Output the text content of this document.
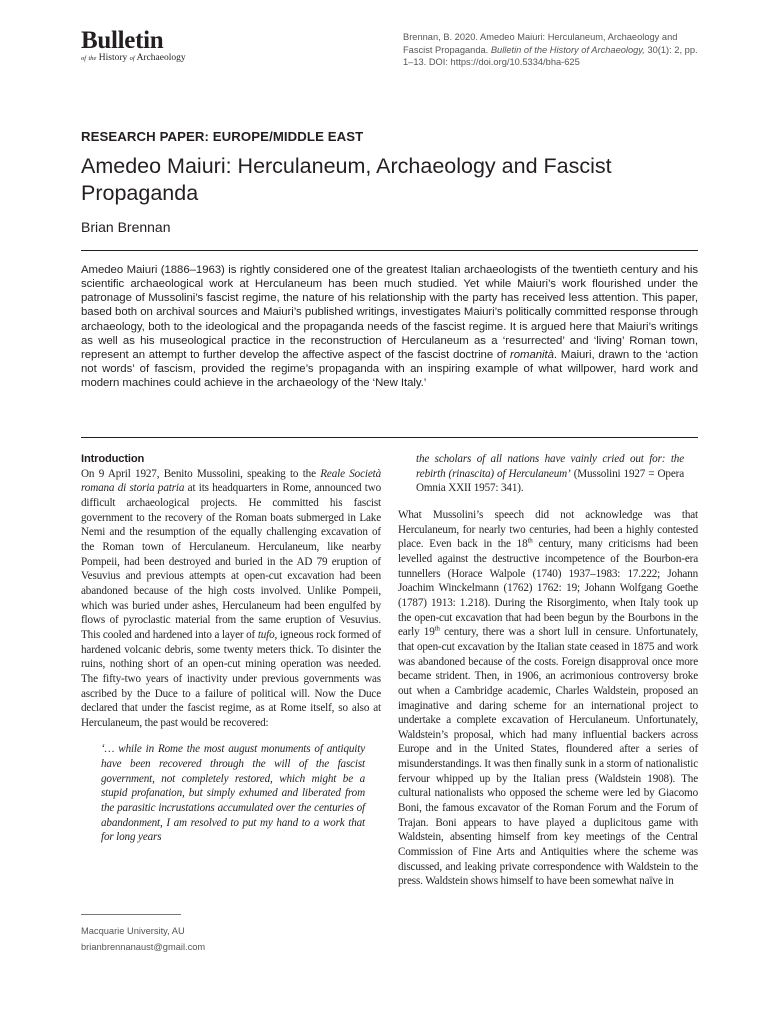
Bulletin
of the History of Archaeology
Brennan, B. 2020. Amedeo Maiuri: Herculaneum, Archaeology and Fascist Propaganda. Bulletin of the History of Archaeology, 30(1): 2, pp. 1–13. DOI: https://doi.org/10.5334/bha-625
RESEARCH PAPER: EUROPE/MIDDLE EAST
Amedeo Maiuri: Herculaneum, Archaeology and Fascist Propaganda
Brian Brennan

Amedeo Maiuri (1886–1963) is rightly considered one of the greatest Italian archaeologists of the twentieth century and his scientific archaeological work at Herculaneum has been much studied. Yet while Maiuri’s work flourished under the patronage of Mussolini’s fascist regime, the nature of his relationship with the party has received less attention. This paper, based both on archival sources and Maiuri’s published writings, investigates Maiuri’s politically committed response through archaeology, both to the ideological and the propaganda needs of the fascist regime. It is argued here that Maiuri’s writings as well as his museological practice in the reconstruction of Herculaneum as a ‘resurrected’ and ‘living’ Roman town, represent an attempt to further develop the affective aspect of the fascist doctrine of romanità. Maiuri, drawn to the ‘action not words’ of fascism, provided the regime’s propaganda with an inspiring example of what willpower, hard work and modern machines could achieve in the archaeology of the ‘New Italy.’

Introduction

On 9 April 1927, Benito Mussolini, speaking to the Reale Società romana di storia patria at its headquarters in Rome, announced two difficult archaeological projects. He committed his fascist government to the recovery of the Roman boats submerged in Lake Nemi and the resumption of the equally challenging excavation of the Roman town of Herculaneum. Herculaneum, like nearby Pompeii, had been destroyed and buried in the AD 79 eruption of Vesuvius and previous attempts at open-cut excavation had been abandoned because of the high costs involved. Unlike Pompeii, which was buried under ashes, Herculaneum had been engulfed by flows of pyroclastic material from the same eruption of Vesuvius. This cooled and hardened into a layer of tufo, igneous rock formed of hardened volcanic debris, some twenty meters thick. To disinter the ruins, nothing short of an open-cut mining operation was needed. The fifty-two years of inactivity under previous governments was ascribed by the Duce to a failure of political will. Now the Duce declared that under the fascist regime, as at Rome itself, so also at Herculaneum, the past would be recovered:

‘… while in Rome the most august monuments of antiquity have been recovered through the will of the fascist government, not completely restored, which might be a stupid profanation, but simply exhumed and liberated from the parasitic incrustations accumulated over the centuries of abandonment, I am resolved to put my hand to a work that for long years

the scholars of all nations have vainly cried out for: the rebirth (rinascita) of Herculaneum’ (Mussolini 1927 = Opera Omnia XXII 1957: 341).

What Mussolini’s speech did not acknowledge was that Herculaneum, for nearly two centuries, had been a highly contested place. Even back in the 18th century, many criticisms had been levelled against the destructive incompetence of the Bourbon-era tunnellers (Horace Walpole (1740) 1937–1983: 17.222; Johann Joachim Winckelmann (1762) 1762: 19; Johann Wolfgang Goethe (1787) 1913: 1.218). During the Risorgimento, when Italy took up the open-cut excavation that had been begun by the Bourbons in the early 19th century, there was a short lull in censure. Unfortunately, that open-cut excavation by the Italian state ceased in 1875 and work was abandoned because of the costs. Foreign disapproval once more became strident. Then, in 1906, an acrimonious controversy broke out when a Cambridge academic, Charles Waldstein, proposed an imaginative and daring scheme for an international project to undertake a complete excavation of Herculaneum. Unfortunately, Waldstein’s proposal, which had many influential backers across Europe and in the United States, floundered after a series of misunderstandings. It was then finally sunk in a storm of nationalistic fervour whipped up by the Italian press (Waldstein 1908). The cultural nationalists who opposed the scheme were led by Giacomo Boni, the famous excavator of the Roman Forum and the Forum of Trajan. Boni appears to have played a duplicitous game with Waldstein, absenting himself from key meetings of the Central Commission of Fine Arts and Antiquities where the scheme was discussed, and leaking private correspondence with Waldstein to the press. Waldstein shows himself to have been somewhat naïve in

Macquarie University, AU
brianbrennanaust@gmail.com
